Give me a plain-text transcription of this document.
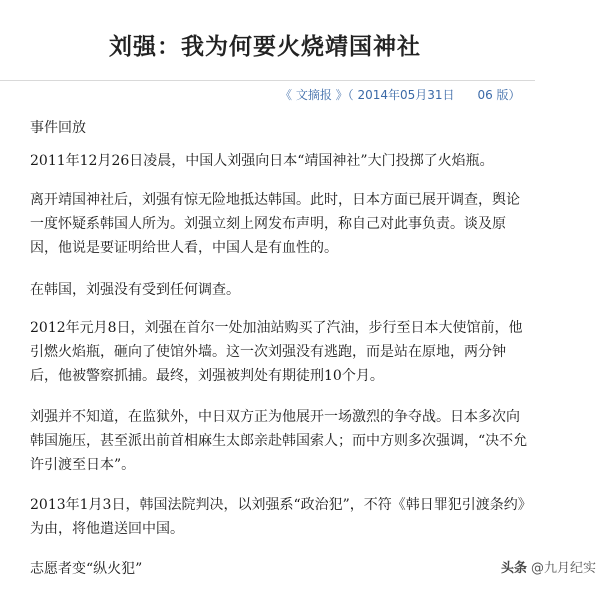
刘强：我为何要火烧靖国神社
《 文摘报 》（ 2014年05月31日 06 版）

事件回放

2011年12月26日凌晨，中国人刘强向日本“靖国神社”大门投掷了火焰瓶。

离开靖国神社后，刘强有惊无险地抵达韩国。此时，日本方面已展开调查，舆论一度怀疑系韩国人所为。刘强立刻上网发布声明，称自己对此事负责。谈及原因，他说是要证明给世人看，中国人是有血性的。

在韩国，刘强没有受到任何调查。

2012年元月8日，刘强在首尔一处加油站购买了汽油，步行至日本大使馆前，他引燃火焰瓶，砸向了使馆外墙。这一次刘强没有逃跑，而是站在原地，两分钟后，他被警察抓捕。最终，刘强被判处有期徒刑10个月。

刘强并不知道，在监狱外，中日双方正为他展开一场激烈的争夺战。日本多次向韩国施压，甚至派出前首相麻生太郎亲赴韩国索人；而中方则多次强调，“决不允许引渡至日本”。

2013年1月3日，韩国法院判决，以刘强系“政治犯”，不符《韩日罪犯引渡条约》为由，将他遣送回中国。

志愿者变“纵火犯”	头条 @九月纪实
